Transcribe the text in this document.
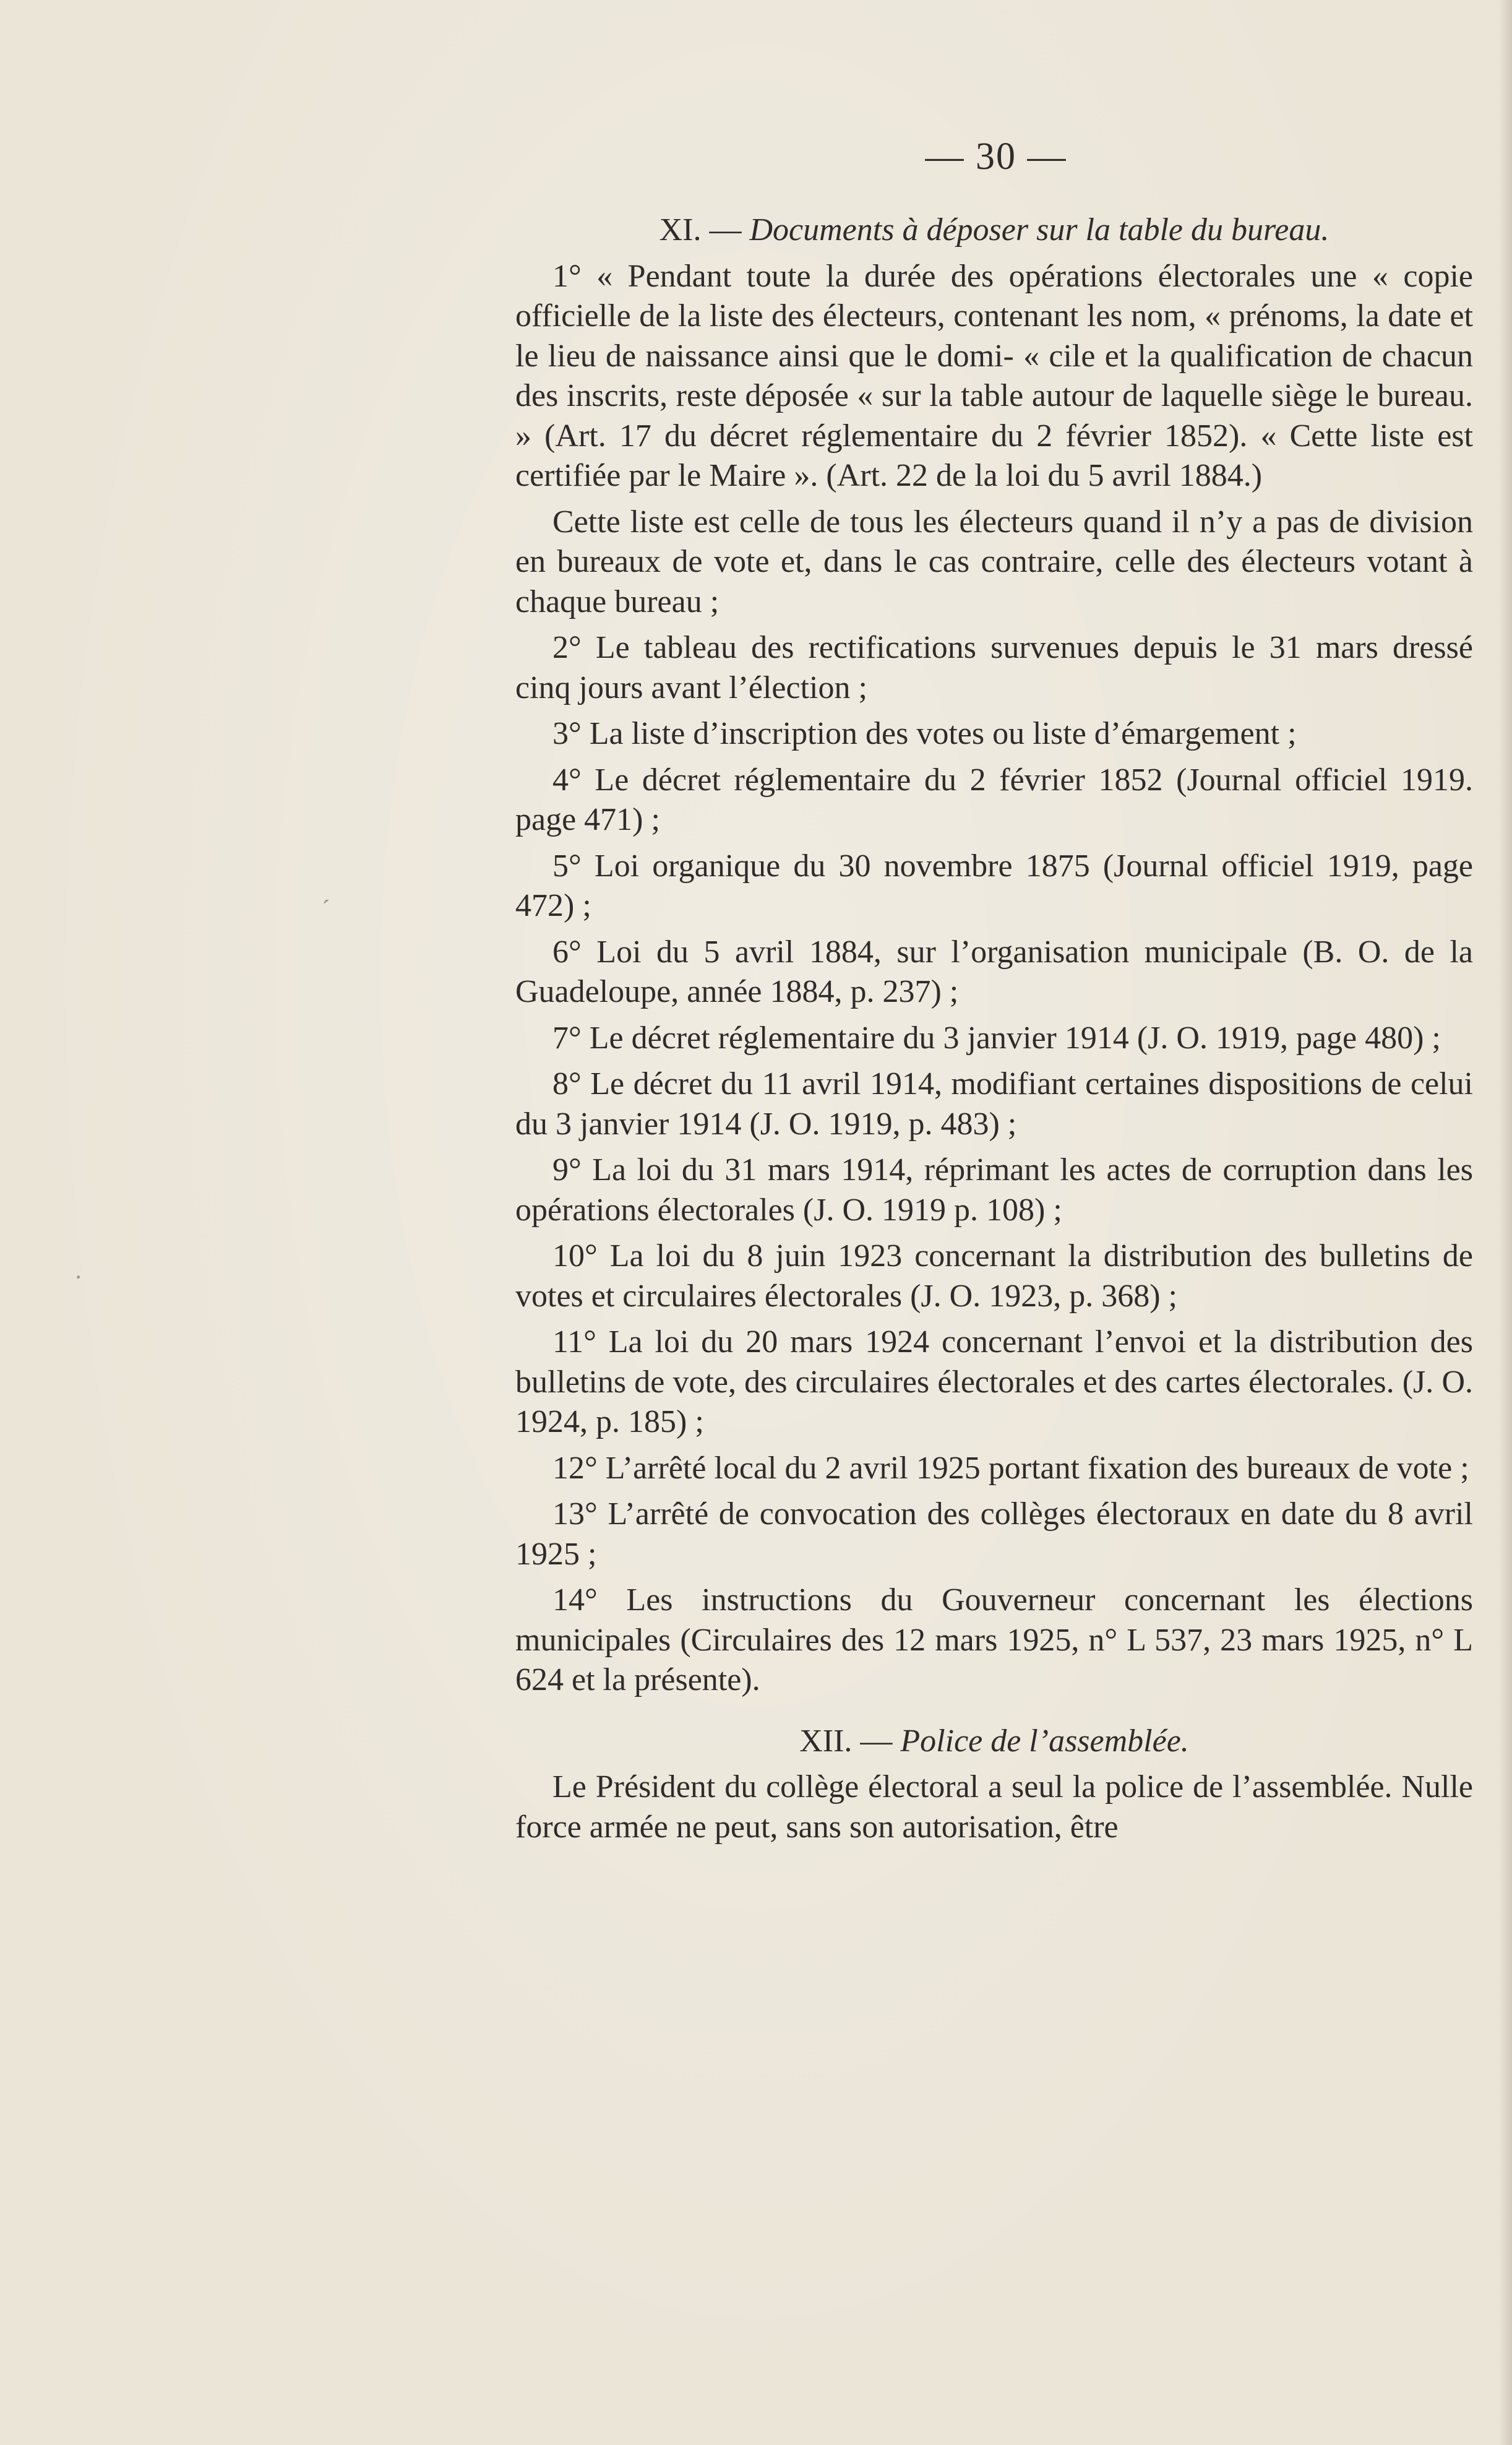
´
·
— 30 —
XI. — Documents à déposer sur la table du bureau.

1° « Pendant toute la durée des opérations électorales une « copie officielle de la liste des électeurs, contenant les nom, « prénoms, la date et le lieu de naissance ainsi que le domi- « cile et la qualification de chacun des inscrits, reste déposée « sur la table autour de laquelle siège le bureau. » (Art. 17 du décret réglementaire du 2 février 1852). « Cette liste est certifiée par le Maire ». (Art. 22 de la loi du 5 avril 1884.)

Cette liste est celle de tous les électeurs quand il n’y a pas de division en bureaux de vote et, dans le cas contraire, celle des électeurs votant à chaque bureau ;

2° Le tableau des rectifications survenues depuis le 31 mars dressé cinq jours avant l’élection ;

3° La liste d’inscription des votes ou liste d’émargement ;

4° Le décret réglementaire du 2 février 1852 (Journal officiel 1919. page 471) ;

5° Loi organique du 30 novembre 1875 (Journal officiel 1919, page 472) ;

6° Loi du 5 avril 1884, sur l’organisation municipale (B. O. de la Guadeloupe, année 1884, p. 237) ;

7° Le décret réglementaire du 3 janvier 1914 (J. O. 1919, page 480) ;

8° Le décret du 11 avril 1914, modifiant certaines dispositions de celui du 3 janvier 1914 (J. O. 1919, p. 483) ;

9° La loi du 31 mars 1914, réprimant les actes de corruption dans les opérations électorales (J. O. 1919 p. 108) ;

10° La loi du 8 juin 1923 concernant la distribution des bulletins de votes et circulaires électorales (J. O. 1923, p. 368) ;

11° La loi du 20 mars 1924 concernant l’envoi et la distribution des bulletins de vote, des circulaires électorales et des cartes électorales. (J. O. 1924, p. 185) ;

12° L’arrêté local du 2 avril 1925 portant fixation des bureaux de vote ;

13° L’arrêté de convocation des collèges électoraux en date du 8 avril 1925 ;

14° Les instructions du Gouverneur concernant les élections municipales (Circulaires des 12 mars 1925, n° L 537, 23 mars 1925, n° L 624 et la présente).

XII. — Police de l’assemblée.

Le Président du collège électoral a seul la police de l’assemblée. Nulle force armée ne peut, sans son autorisation, être
